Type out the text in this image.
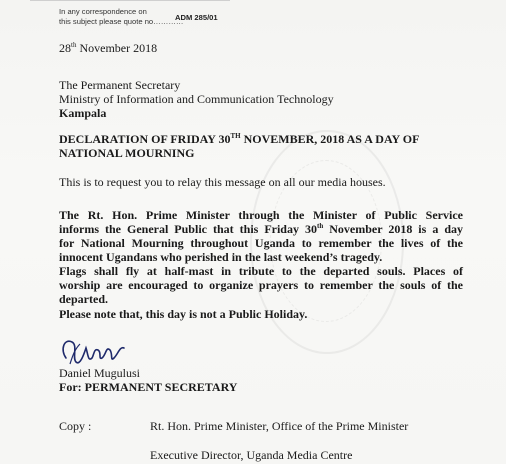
In any correspondence on
this subject please quote no…………
ADM 285/01
28th November 2018
The Permanent Secretary
Ministry of Information and Communication Technology
Kampala
DECLARATION OF FRIDAY 30TH NOVEMBER, 2018 AS A DAY OF
NATIONAL MOURNING
This is to request you to relay this message on all our media houses.
The Rt. Hon. Prime Minister through the Minister of Public Service
informs the General Public that this Friday 30th November 2018 is a day
for National Mourning throughout Uganda to remember the lives of the
innocent Ugandans who perished in the last weekend’s tragedy.
Flags shall fly at half-mast in tribute to the departed souls. Places of
worship are encouraged to organize prayers to remember the souls of the
departed.
Please note that, this day is not a Public Holiday.
Daniel Mugulusi
For: PERMANENT SECRETARY
Copy :	Rt. Hon. Prime Minister, Office of the Prime Minister
Executive Director, Uganda Media Centre
